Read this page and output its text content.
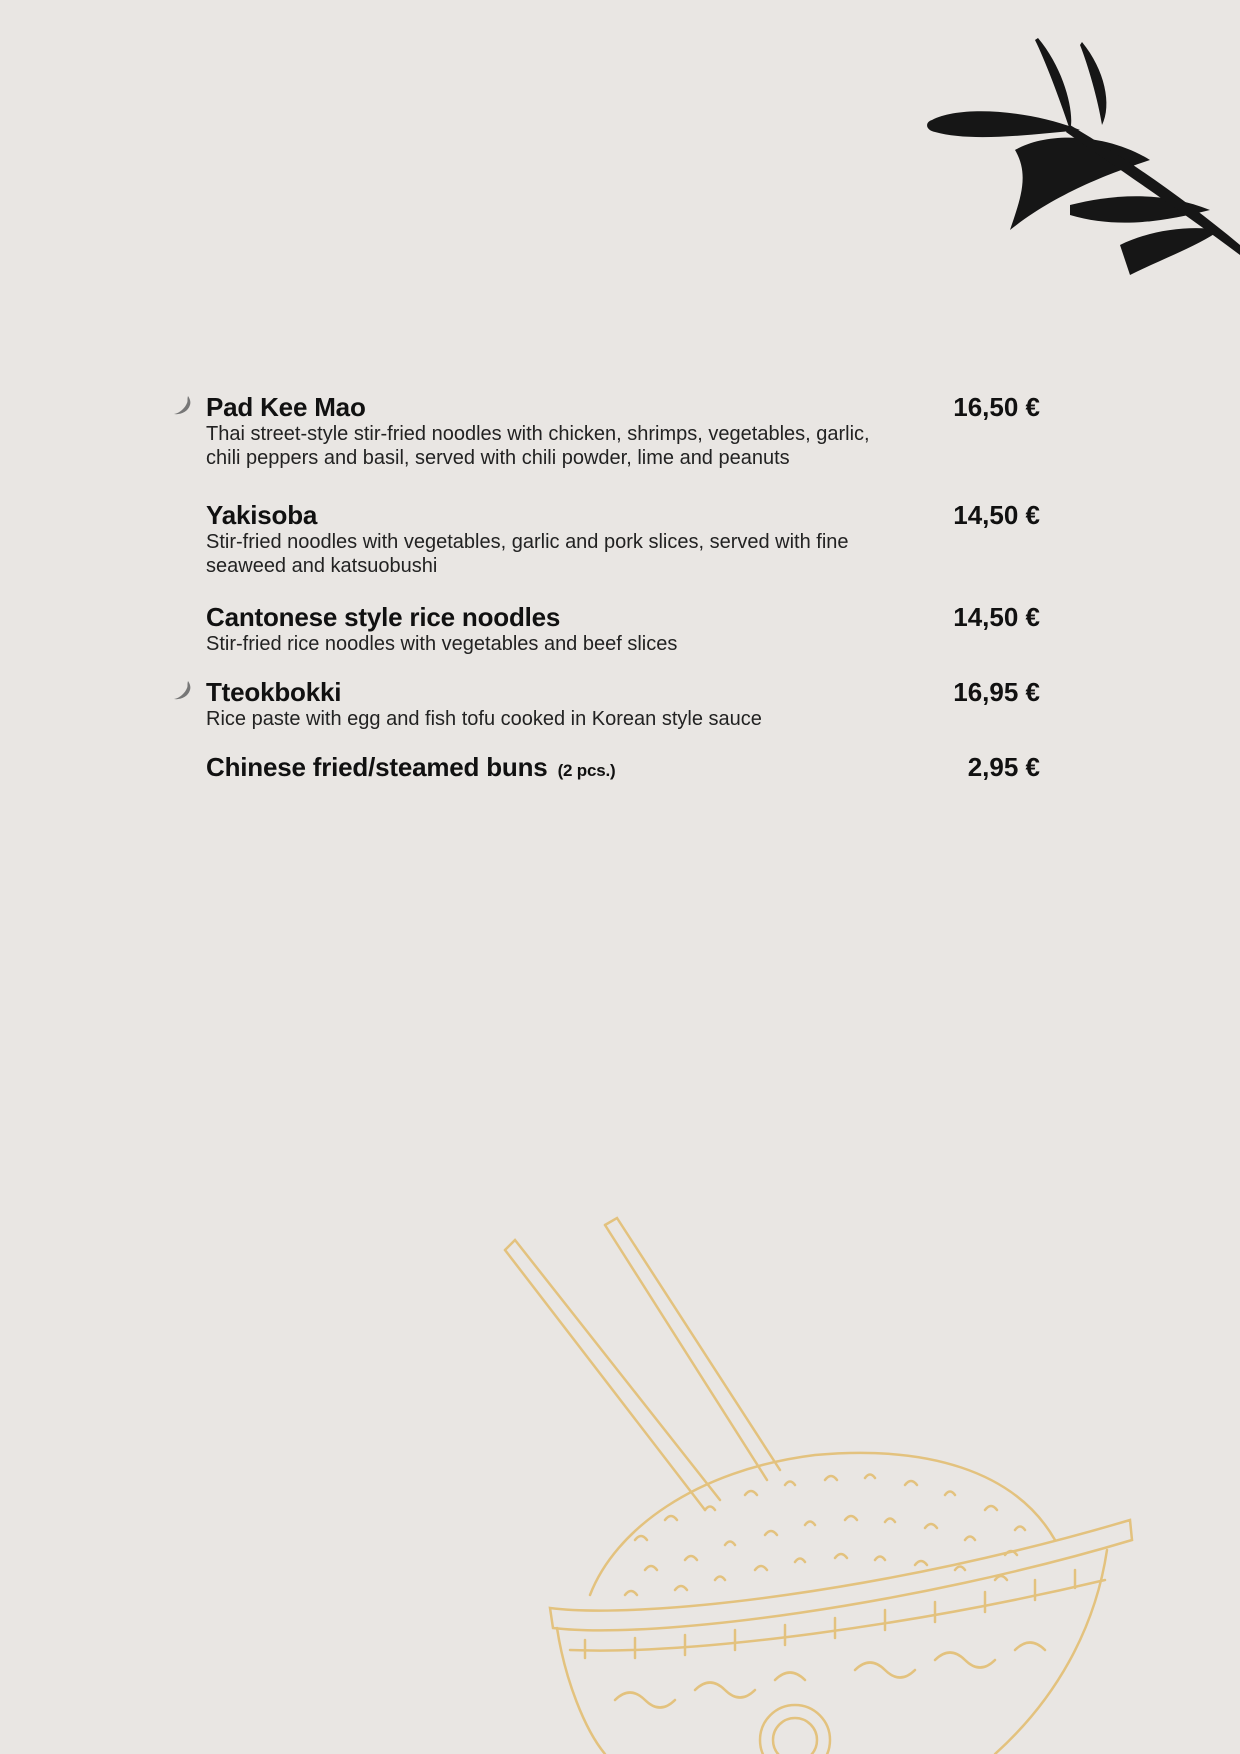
Pad Kee Mao	16,50 €
Thai street-style stir-fried noodles with chicken, shrimps, vegetables, garlic, chili peppers and basil, served with chili powder, lime and peanuts
Yakisoba	14,50 €
Stir-fried noodles with vegetables, garlic and pork slices, served with fine seaweed and katsuobushi
Cantonese style rice noodles	14,50 €
Stir-fried rice noodles with vegetables and beef slices
Tteokbokki	16,95 €
Rice paste with egg and fish tofu cooked in Korean style sauce
Chinese fried/steamed buns (2 pcs.)	2,95 €
